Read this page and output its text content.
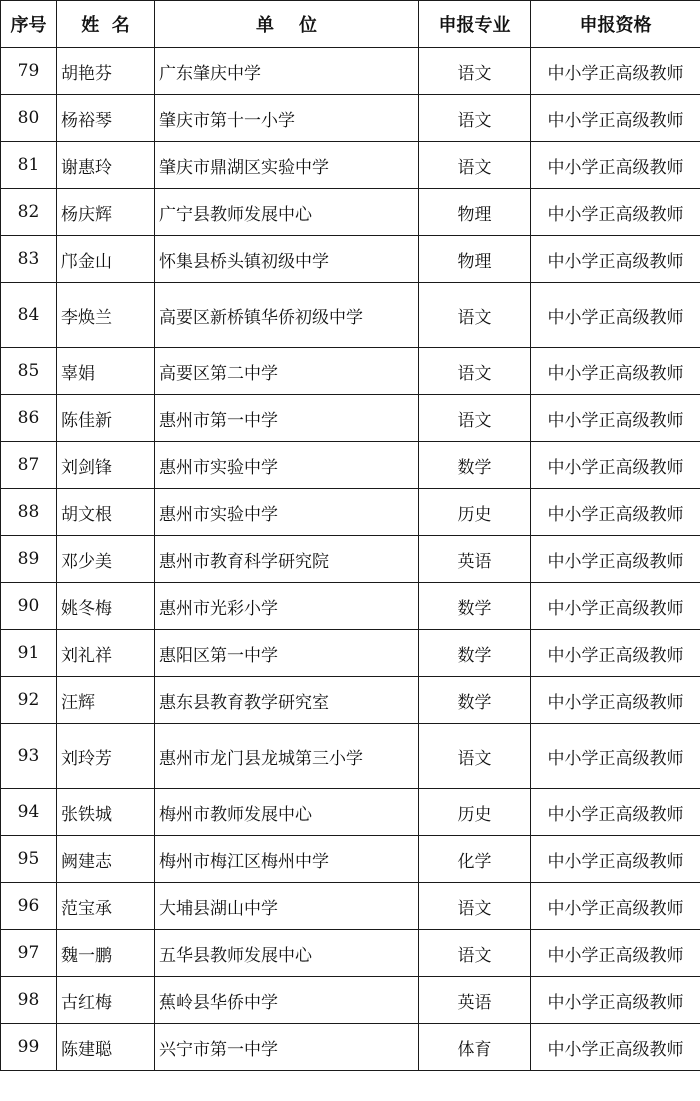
序号	姓  名	单    位	申报专业	申报资格
79	胡艳芬	广东肇庆中学	语文	中小学正高级教师
80	杨裕琴	肇庆市第十一小学	语文	中小学正高级教师
81	谢惠玲	肇庆市鼎湖区实验中学	语文	中小学正高级教师
82	杨庆辉	广宁县教师发展中心	物理	中小学正高级教师
83	邝金山	怀集县桥头镇初级中学	物理	中小学正高级教师
84	李焕兰	高要区新桥镇华侨初级中学	语文	中小学正高级教师
85	辜娟	高要区第二中学	语文	中小学正高级教师
86	陈佳新	惠州市第一中学	语文	中小学正高级教师
87	刘剑锋	惠州市实验中学	数学	中小学正高级教师
88	胡文根	惠州市实验中学	历史	中小学正高级教师
89	邓少美	惠州市教育科学研究院	英语	中小学正高级教师
90	姚冬梅	惠州市光彩小学	数学	中小学正高级教师
91	刘礼祥	惠阳区第一中学	数学	中小学正高级教师
92	汪辉	惠东县教育教学研究室	数学	中小学正高级教师
93	刘玲芳	惠州市龙门县龙城第三小学	语文	中小学正高级教师
94	张铁城	梅州市教师发展中心	历史	中小学正高级教师
95	阙建志	梅州市梅江区梅州中学	化学	中小学正高级教师
96	范宝承	大埔县湖山中学	语文	中小学正高级教师
97	魏一鹏	五华县教师发展中心	语文	中小学正高级教师
98	古红梅	蕉岭县华侨中学	英语	中小学正高级教师
99	陈建聪	兴宁市第一中学	体育	中小学正高级教师
